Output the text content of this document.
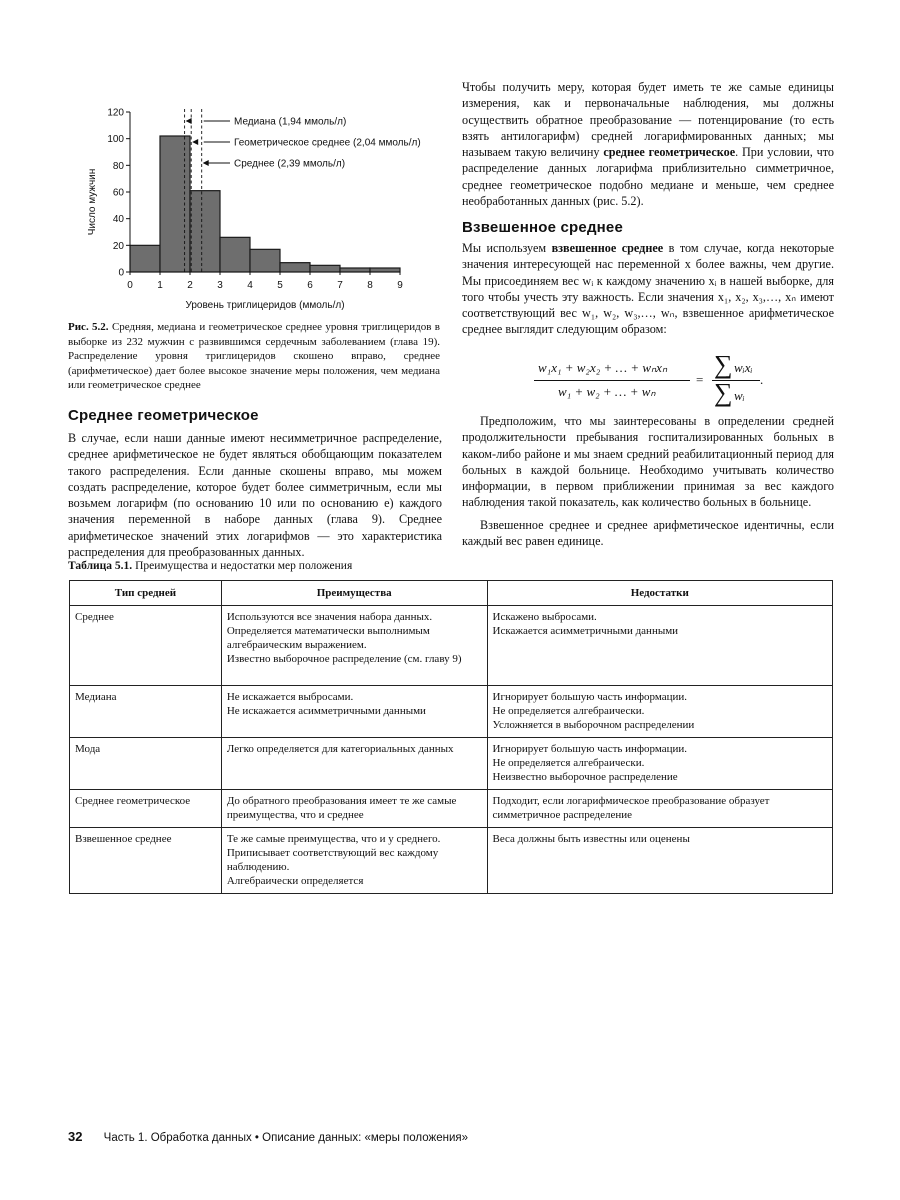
0 1 2 3 4 5 6 7 8 9
0
20
40
60
80
100
120
Уровень триглицеридов (ммоль/л)
Число мужчин
Медиана (1,94 ммоль/л)
Геометрическое среднее (2,04 ммоль/л)
Среднее (2,39 ммоль/л)
Рис. 5.2. Средняя, медиана и геометрическое среднее уровня триглицеридов в выборке из 232 мужчин с развившимся сердечным заболеванием (глава 19). Распределение уровня триглицеридов скошено вправо, среднее (арифметическое) дает более высокое значение меры положения, чем медиана или геометрическое среднее
Среднее геометрическое

В случае, если наши данные имеют несимметричное распределение, среднее арифметическое не будет являться обобщающим показателем такого распределения. Если данные скошены вправо, мы можем создать распределение, которое будет более симметричным, если мы возьмем логарифм (по основанию 10 или по основанию e) каждого значения переменной в наборе данных (глава 9). Среднее арифметическое значений этих логарифмов — это характеристика распределения для преобразованных данных.

Чтобы получить меру, которая будет иметь те же самые единицы измерения, как и первоначальные наблюдения, мы должны осуществить обратное преобразование — потенцирование (то есть взять антилогарифм) средней логарифмированных данных; мы называем такую величину среднее геометрическое. При условии, что распределение данных логарифма приблизительно симметричное, среднее геометрическое подобно медиане и меньше, чем среднее необработанных данных (рис. 5.2).

Взвешенное среднее

Мы используем взвешенное среднее в том случае, когда некоторые значения интересующей нас переменной x более важны, чем другие. Мы присоединяем вес wᵢ к каждому значению xᵢ в нашей выборке, для того чтобы учесть эту важность. Если значения x₁, x₂, x₃,…, xₙ имеют соответствующий вес w₁, w₂, w₃,…, wₙ, взвешенное арифметическое среднее выглядит следующим образом:

w₁x₁ + w₂x₂ + … + wₙxₙ
w₁ + w₂ + … + wₙ
=
∑ wᵢxᵢ
∑ wᵢ
.

Предположим, что мы заинтересованы в определении средней продолжительности пребывания госпитализированных больных в каком-либо районе и мы знаем средний реабилитационный период для больных в каждой больнице. Необходимо учитывать количество информации, в первом приближении принимая за вес каждого наблюдения такой показатель, как количество больных в больнице.

Взвешенное среднее и среднее арифметическое идентичны, если каждый вес равен единице.

Таблица 5.1. Преимущества и недостатки мер положения
Тип средней	Преимущества	Недостатки
Среднее	Используются все значения набора данных.
Определяется математически выполнимым алгебраическим выражением.
Известно выборочное распределение (см. главу 9)	Искажено выбросами.
Искажается асимметричными данными

Медиана	Не искажается выбросами.
Не искажается асимметричными данными	Игнорирует большую часть информации.
Не определяется алгебраически.
Усложняется в выборочном распределении

Мода	Легко определяется для категориальных данных	Игнорирует большую часть информации.
Не определяется алгебраически.
Неизвестно выборочное распределение

Среднее геометрическое	До обратного преобразования имеет те же самые преимущества, что и среднее	Подходит, если логарифмическое преобразование образует симметричное распределение

Взвешенное среднее	Те же самые преимущества, что и у среднего.
Приписывает соответствующий вес каждому наблюдению.
Алгебраически определяется	Веса должны быть известны или оценены
32 Часть 1. Обработка данных • Описание данных: «меры положения»
